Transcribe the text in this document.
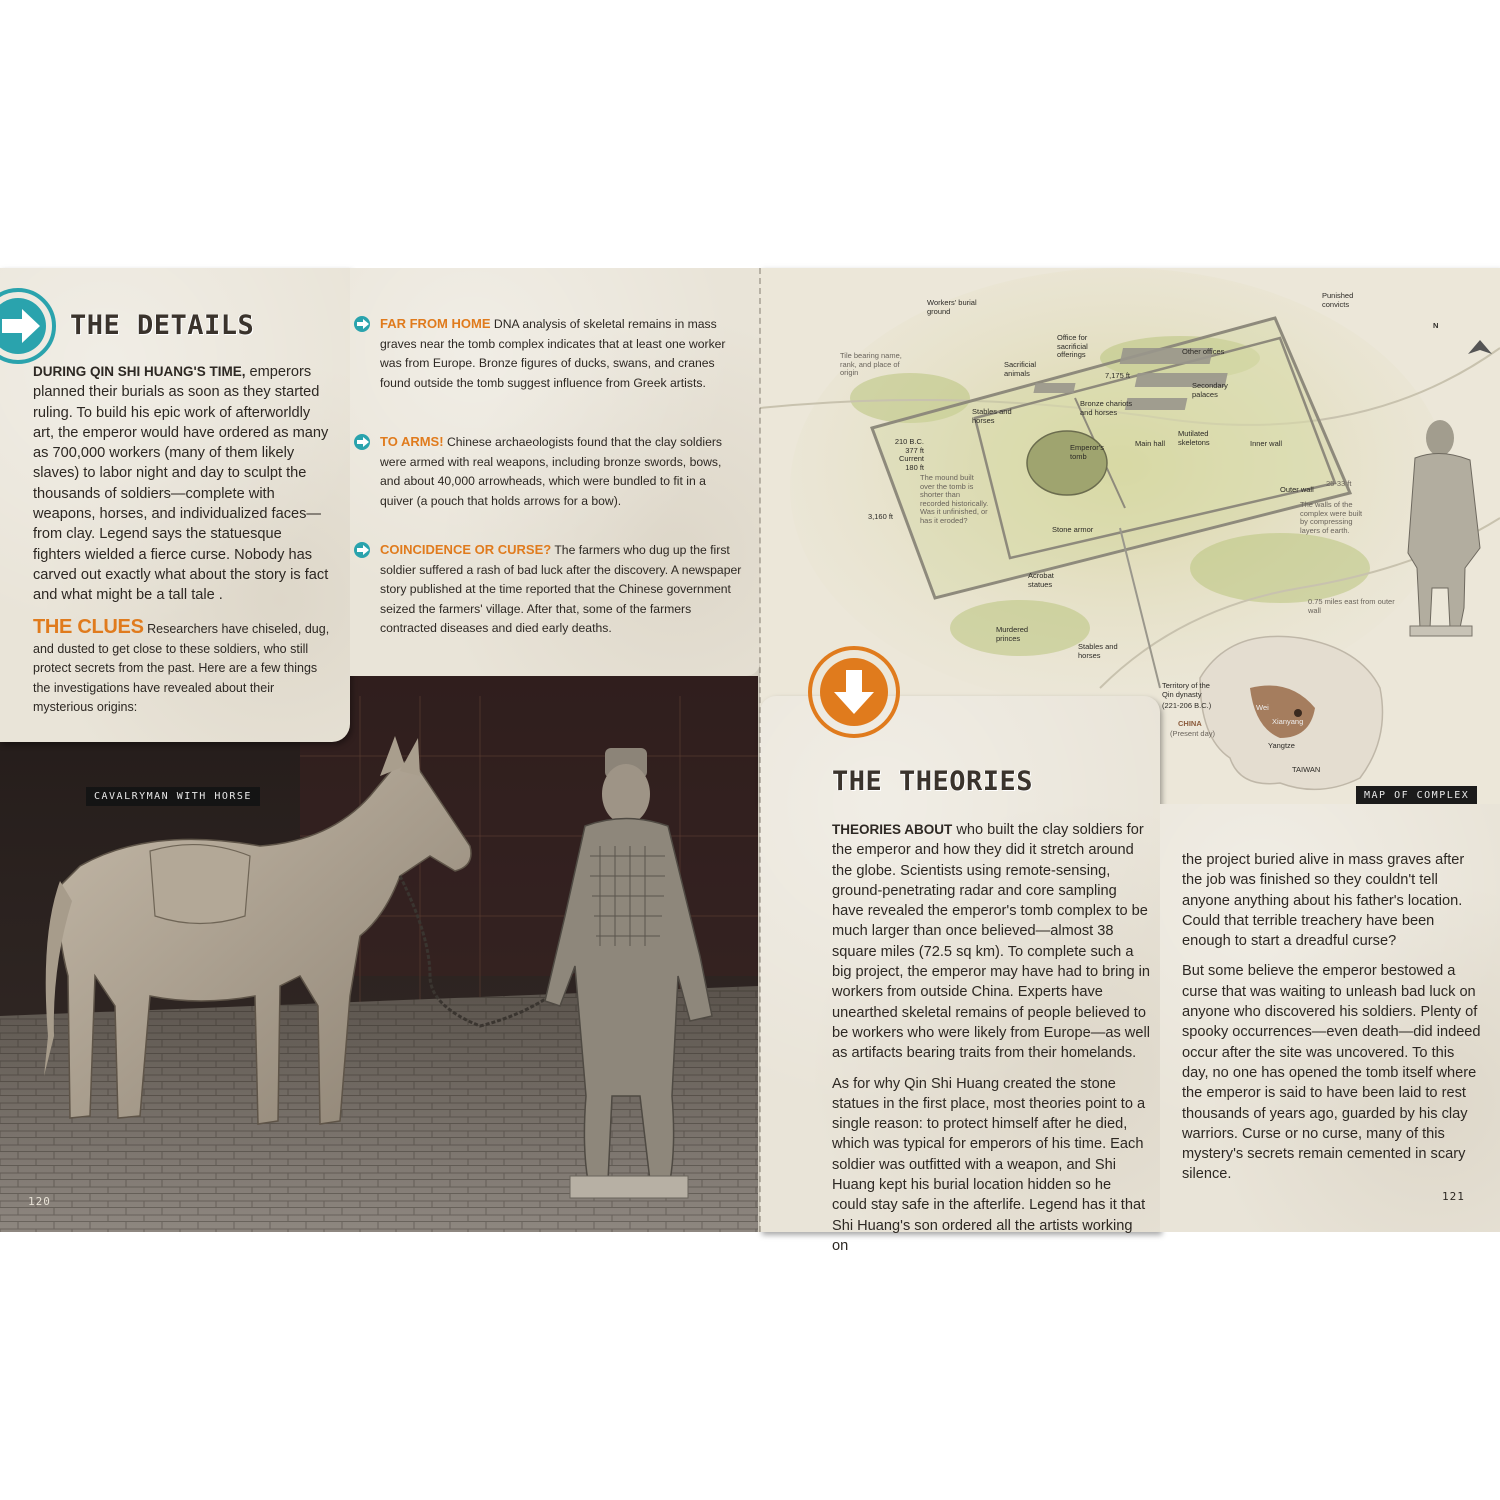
CAVALRYMAN WITH HORSE
120
Workers' burial ground
Punished convicts
Tile bearing name, rank, and place of origin
Office for sacrificial offerings
Sacrificial animals	7,175 ft
Other offices
Secondary palaces
Stables and horses
Bronze chariots and horses
210 B.C. 377 ft Current 180 ft
Emperor's tomb
Main hall
Mutilated skeletons	Inner wall
Outer wall
The mound built over the tomb is shorter than recorded historically. Was it unfinished, or has it eroded?
The walls of the complex were built by compressing layers of earth.
25-33 ft
3,160 ft
Stone armor
Acrobat statues
Murdered princes
Stables and horses
0.75 miles east from outer wall
Territory of the Qin dynasty
(221-206 B.C.)
CHINA
(Present day)
Xianyang
Wei
Yangtze
TAIWAN
N
MAP OF COMPLEX
THE DETAILS
DURING QIN SHI HUANG'S TIME, emperors planned their burials as soon as they started ruling. To build his epic work of afterworldly art, the emperor would have ordered as many as 700,000 workers (many of them likely slaves) to labor night and day to sculpt the thousands of soldiers—complete with weapons, horses, and individualized faces—from clay. Legend says the statuesque fighters wielded a fierce curse. Nobody has carved out exactly what about the story is fact and what might be a tall tale .
THE CLUES Researchers have chiseled, dug, and dusted to get close to these soldiers, who still protect secrets from the past. Here are a few things the investigations have revealed about their mysterious origins:
FAR FROM HOME DNA analysis of skeletal remains in mass graves near the tomb complex indicates that at least one worker was from Europe. Bronze figures of ducks, swans, and cranes found outside the tomb suggest influence from Greek artists.
TO ARMS! Chinese archaeologists found that the clay soldiers were armed with real weapons, including bronze swords, bows, and about 40,000 arrowheads, which were bundled to fit in a quiver (a pouch that holds arrows for a bow).
COINCIDENCE OR CURSE? The farmers who dug up the first soldier suffered a rash of bad luck after the discovery. A newspaper story published at the time reported that the Chinese government seized the farmers' village. After that, some of the farmers contracted diseases and died early deaths.
THE THEORIES
THEORIES ABOUT who built the clay soldiers for the emperor and how they did it stretch around the globe. Scientists using remote-sensing, ground-penetrating radar and core sampling have revealed the emperor's tomb complex to be much larger than once believed—almost 38 square miles (72.5 sq km). To complete such a big project, the emperor may have had to bring in workers from outside China. Experts have unearthed skeletal remains of people believed to be workers who were likely from Europe—as well as artifacts bearing traits from their homelands.
As for why Qin Shi Huang created the stone statues in the first place, most theories point to a single reason: to protect himself after he died, which was typical for emperors of his time. Each soldier was outfitted with a weapon, and Shi Huang kept his burial location hidden so he could stay safe in the afterlife. Legend has it that Shi Huang's son ordered all the artists working on
the project buried alive in mass graves after the job was finished so they couldn't tell anyone anything about his father's location. Could that terrible treachery have been enough to start a dreadful curse?
But some believe the emperor bestowed a curse that was waiting to unleash bad luck on anyone who discovered his soldiers. Plenty of spooky occurrences—even death—did indeed occur after the site was uncovered. To this day, no one has opened the tomb itself where the emperor is said to have been laid to rest thousands of years ago, guarded by his clay warriors. Curse or no curse, many of this mystery's secrets remain cemented in scary silence.
121
